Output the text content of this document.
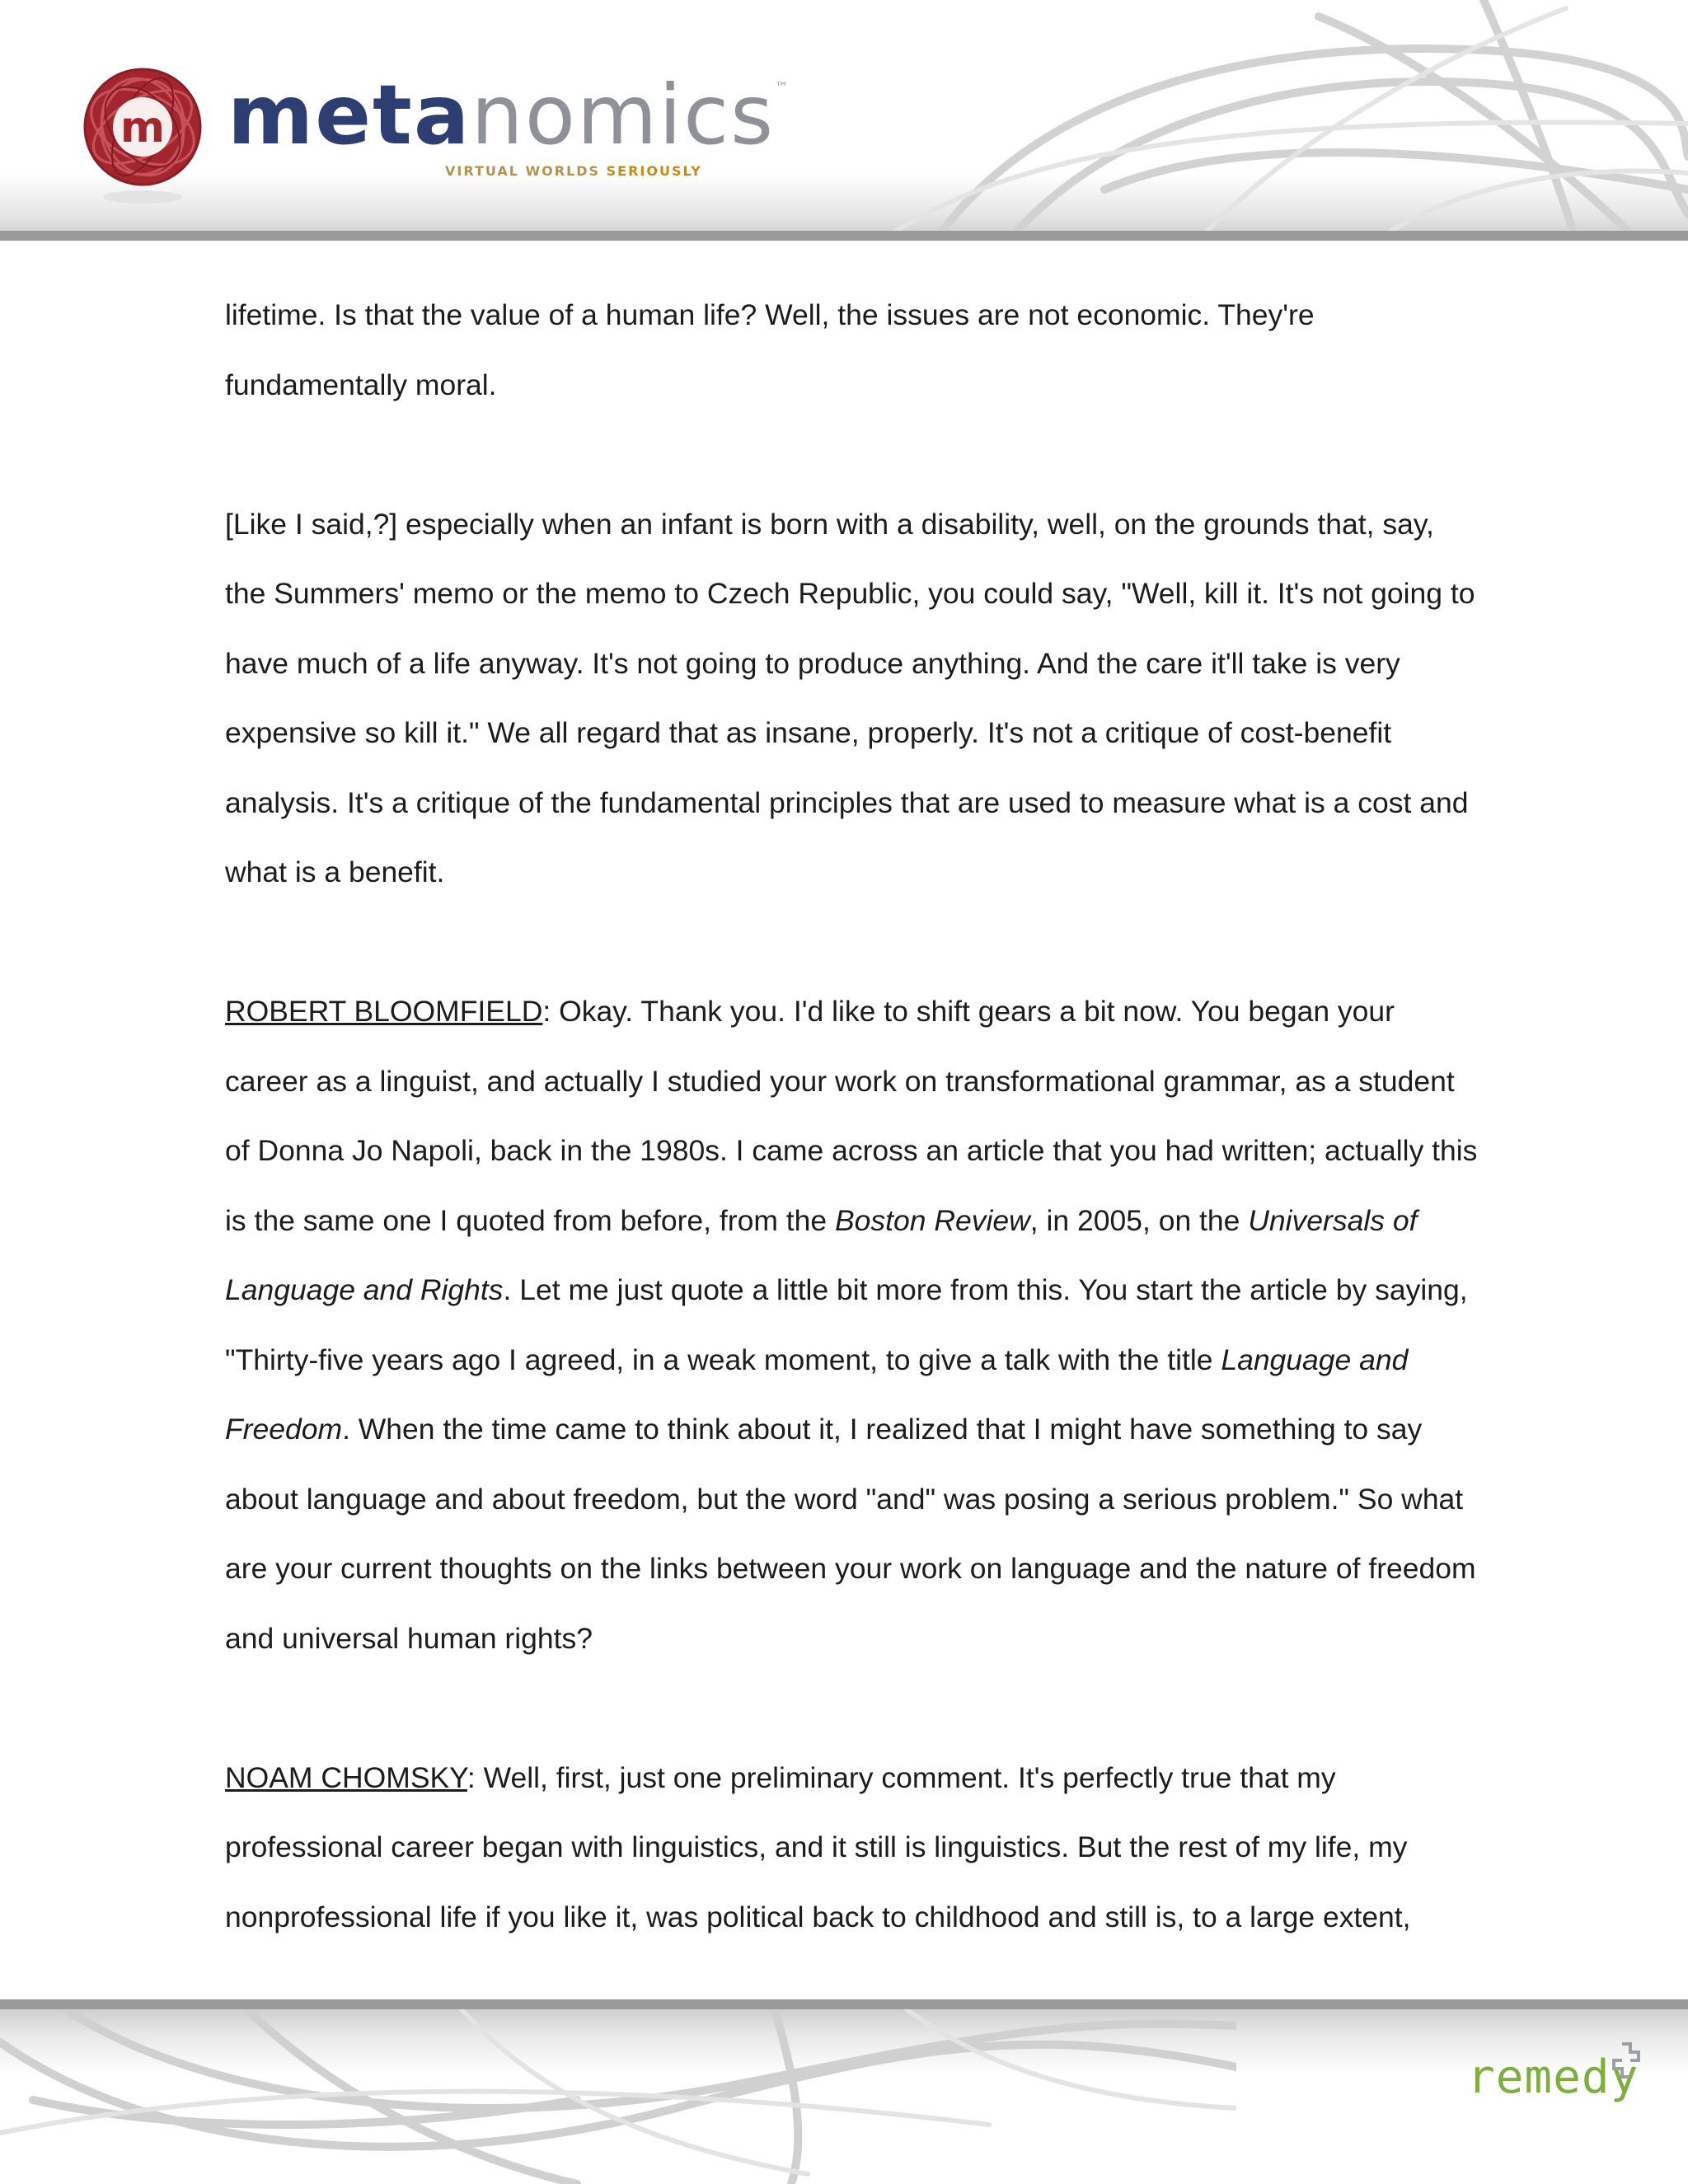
m metanomics™
VIRTUAL WORLDS SERIOUSLY

lifetime. Is that the value of a human life? Well, the issues are not economic. They're fundamentally moral.

[Like I said,?] especially when an infant is born with a disability, well, on the grounds that, say, the Summers' memo or the memo to Czech Republic, you could say, "Well, kill it. It's not going to have much of a life anyway. It's not going to produce anything. And the care it'll take is very expensive so kill it." We all regard that as insane, properly. It's not a critique of cost-benefit analysis. It's a critique of the fundamental principles that are used to measure what is a cost and what is a benefit.

ROBERT BLOOMFIELD: Okay. Thank you. I'd like to shift gears a bit now. You began your career as a linguist, and actually I studied your work on transformational grammar, as a student of Donna Jo Napoli, back in the 1980s. I came across an article that you had written; actually this is the same one I quoted from before, from the Boston Review, in 2005, on the Universals of Language and Rights. Let me just quote a little bit more from this. You start the article by saying, "Thirty-five years ago I agreed, in a weak moment, to give a talk with the title Language and Freedom. When the time came to think about it, I realized that I might have something to say about language and about freedom, but the word "and" was posing a serious problem." So what are your current thoughts on the links between your work on language and the nature of freedom and universal human rights?

NOAM CHOMSKY: Well, first, just one preliminary comment. It's perfectly true that my professional career began with linguistics, and it still is linguistics. But the rest of my life, my nonprofessional life if you like it, was political back to childhood and still is, to a large extent,

remedy
